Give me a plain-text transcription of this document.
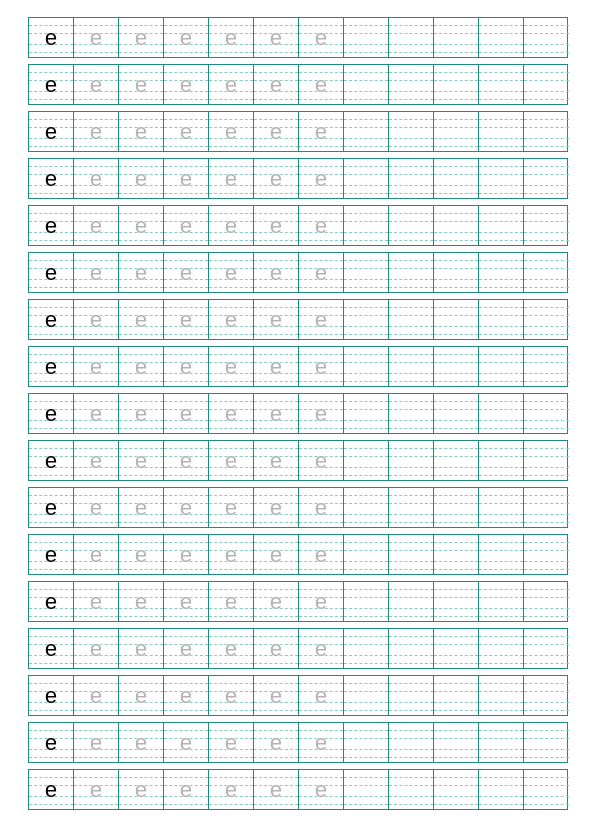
e	e	e	e	e	e	e
e	e	e	e	e	e	e
e	e	e	e	e	e	e
e	e	e	e	e	e	e
e	e	e	e	e	e	e
e	e	e	e	e	e	e
e	e	e	e	e	e	e
e	e	e	e	e	e	e
e	e	e	e	e	e	e
e	e	e	e	e	e	e
e	e	e	e	e	e	e
e	e	e	e	e	e	e
e	e	e	e	e	e	e
e	e	e	e	e	e	e
e	e	e	e	e	e	e
e	e	e	e	e	e	e
e	e	e	e	e	e	e
